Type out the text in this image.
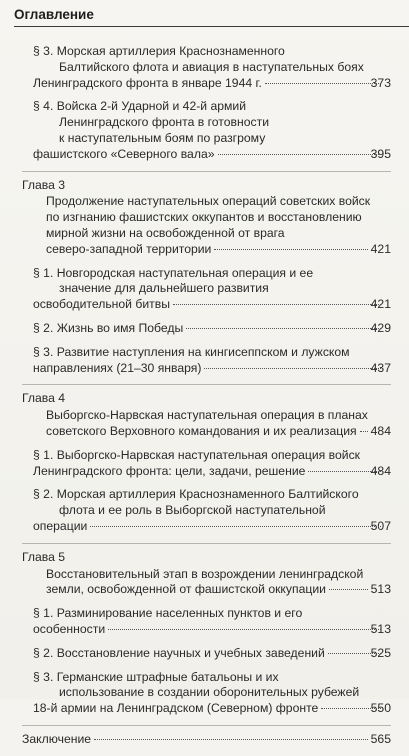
Оглавление
§ 3. Морская артиллерия Краснознаменного
Балтийского флота и авиация в наступательных боях
Ленинградского фронта в январе 1944 г.	373
§ 4. Войска 2-й Ударной и 42-й армий
Ленинградского фронта в готовности
к наступательным боям по разгрому
фашистского «Северного вала»	395
Глава 3
Продолжение наступательных операций советских войск
по изгнанию фашистских оккупантов и восстановлению
мирной жизни на освобожденной от врага
северо-западной территории	421
§ 1. Новгородская наступательная операция и ее
значение для дальнейшего развития
освободительной битвы	421
§ 2. Жизнь во имя Победы	429
§ 3. Развитие наступления на кингисеппском и лужском
направлениях (21–30 января)	437
Глава 4
Выборгско-Нарвская наступательная операция в планах
советского Верховного командования и их реализация 484
§ 1. Выборгско-Нарвская наступательная операция войск
Ленинградского фронта: цели, задачи, решение	484
§ 2. Морская артиллерия Краснознаменного Балтийского
флота и ее роль в Выборгской наступательной
операции	507
Глава 5
Восстановительный этап в возрождении ленинградской
земли, освобожденной от фашистской оккупации	513
§ 1. Разминирование населенных пунктов и его
особенности	513
§ 2. Восстановление научных и учебных заведений	525
§ 3. Германские штрафные батальоны и их
использование в создании оборонительных рубежей
18-й армии на Ленинградском (Северном) фронте	550
Заключение	565
